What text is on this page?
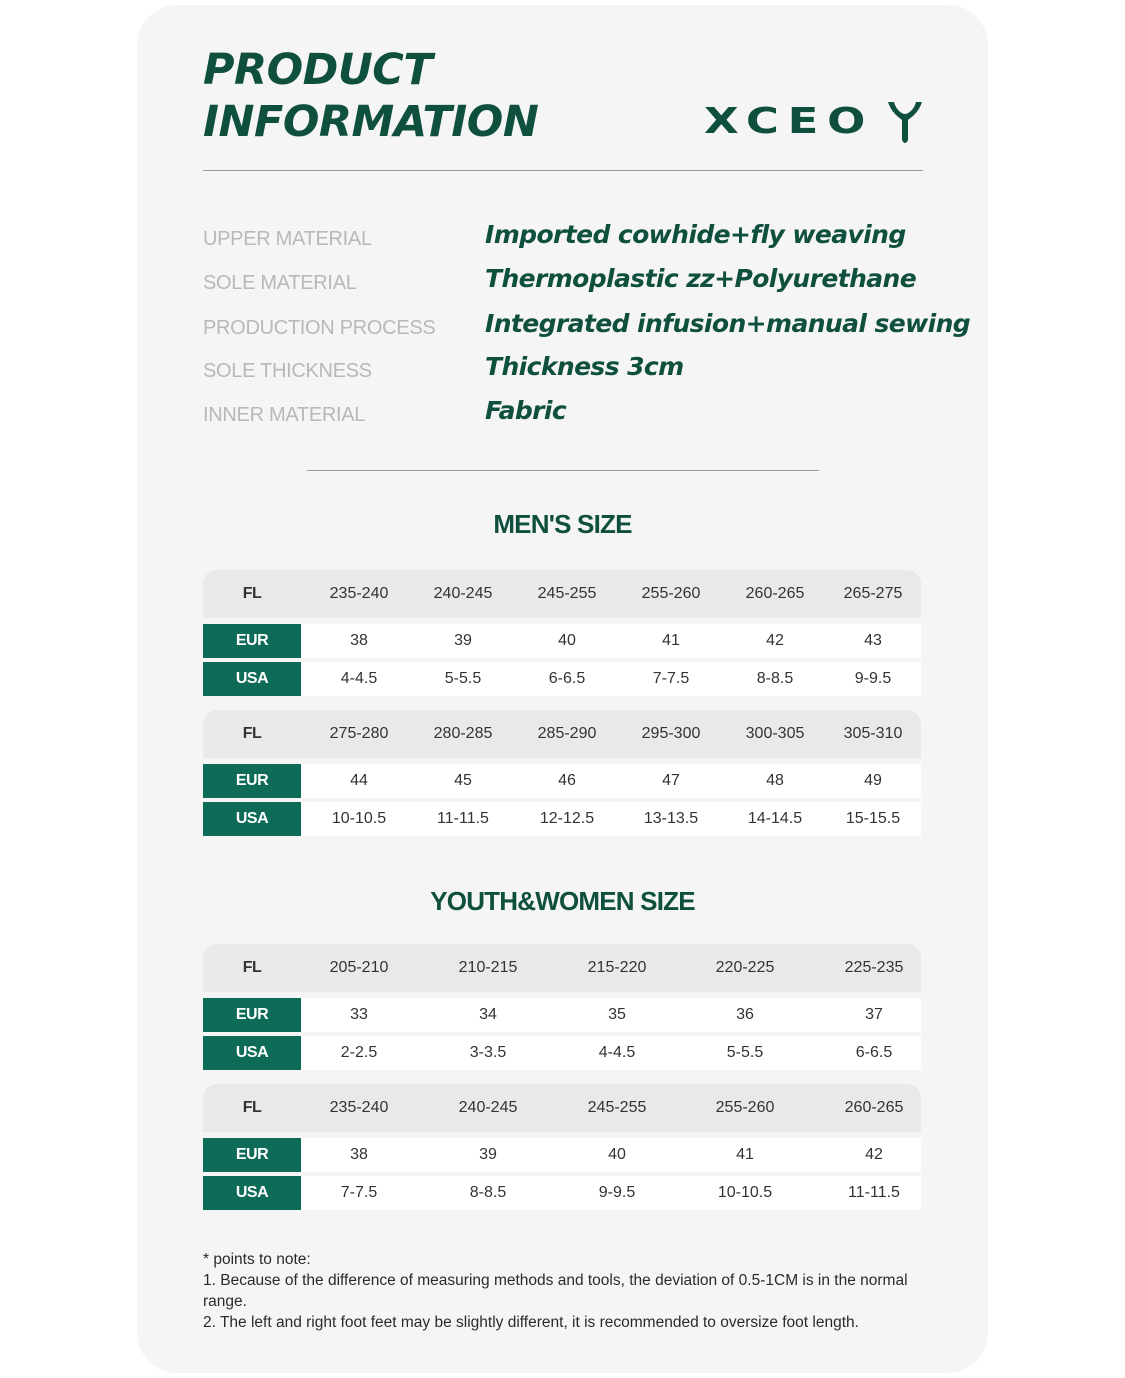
PRODUCT
INFORMATION	XCEO
UPPER MATERIAL	Imported cowhide+fly weaving
SOLE MATERIAL	Thermoplastic zz+Polyurethane
PRODUCTION PROCESS Integrated infusion+manual sewing
SOLE THICKNESS	Thickness 3cm
INNER MATERIAL	Fabric
MEN'S SIZE
FL	235-240	240-245	245-255	255-260	260-265 265-275
EUR	38	39	40	41	42	43
USA	4-4.5	5-5.5	6-6.5	7-7.5	8-8.5	9-9.5
FL	275-280	280-285	285-290	295-300	300-305 305-310
EUR	44	45	46	47	48	49
USA	10-10.5	11-11.5	12-12.5	13-13.5	14-14.5	15-15.5
YOUTH&WOMEN SIZE
FL	205-210	210-215	215-220	220-225	225-235
EUR	33	34	35	36	37
USA	2-2.5	3-3.5	4-4.5	5-5.5	6-6.5
FL	235-240	240-245	245-255	255-260	260-265
EUR	38	39	40	41	42
USA	7-7.5	8-8.5	9-9.5	10-10.5	11-11.5

* points to note:

1. Because of the difference of measuring methods and tools, the deviation of 0.5-1CM is in the normal range.

2. The left and right foot feet may be slightly different, it is recommended to oversize foot length.
